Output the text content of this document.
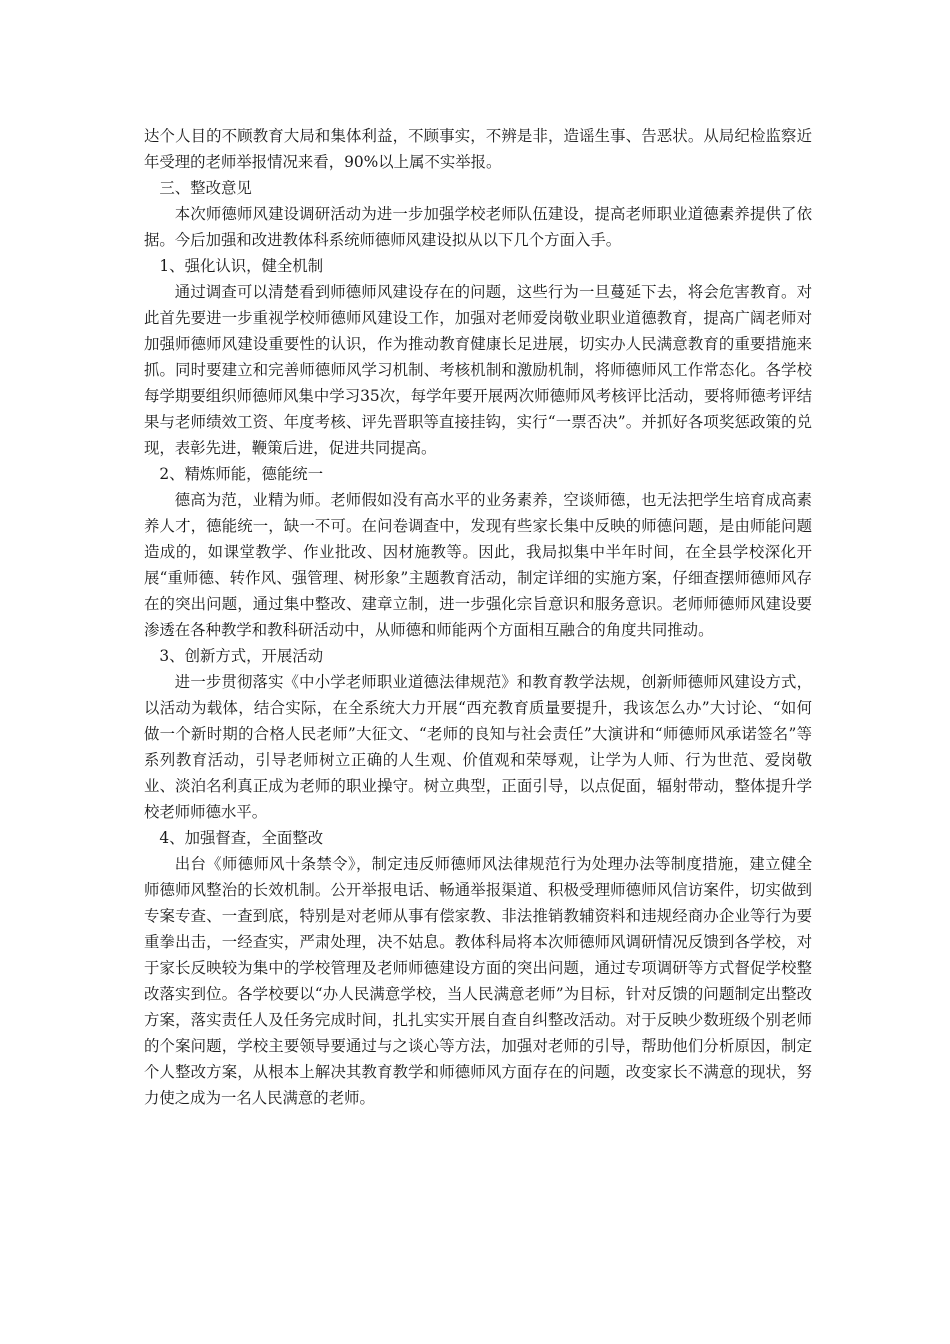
达个人目的不顾教育大局和集体利益，不顾事实，不辨是非，造谣生事、告恶状。从局纪检监察近年受理的老师举报情况来看，90%以上属不实举报。

三、整改意见

本次师德师风建设调研活动为进一步加强学校老师队伍建设，提高老师职业道德素养提供了依据。今后加强和改进教体科系统师德师风建设拟从以下几个方面入手。

1、强化认识，健全机制

通过调查可以清楚看到师德师风建设存在的问题，这些行为一旦蔓延下去，将会危害教育。对此首先要进一步重视学校师德师风建设工作，加强对老师爱岗敬业职业道德教育，提高广阔老师对加强师德师风建设重要性的认识，作为推动教育健康长足进展，切实办人民满意教育的重要措施来抓。同时要建立和完善师德师风学习机制、考核机制和激励机制，将师德师风工作常态化。各学校每学期要组织师德师风集中学习35次，每学年要开展两次师德师风考核评比活动，要将师德考评结果与老师绩效工资、年度考核、评先晋职等直接挂钩，实行“一票否决”。并抓好各项奖惩政策的兑现，表彰先进，鞭策后进，促进共同提高。

2、精炼师能，德能统一

德高为范，业精为师。老师假如没有高水平的业务素养，空谈师德，也无法把学生培育成高素养人才，德能统一，缺一不可。在问卷调查中，发现有些家长集中反映的师德问题，是由师能问题造成的，如课堂教学、作业批改、因材施教等。因此，我局拟集中半年时间，在全县学校深化开展“重师德、转作风、强管理、树形象”主题教育活动，制定详细的实施方案，仔细查摆师德师风存在的突出问题，通过集中整改、建章立制，进一步强化宗旨意识和服务意识。老师师德师风建设要渗透在各种教学和教科研活动中，从师德和师能两个方面相互融合的角度共同推动。

3、创新方式，开展活动

进一步贯彻落实《中小学老师职业道德法律规范》和教育教学法规，创新师德师风建设方式，以活动为载体，结合实际，在全系统大力开展“西充教育质量要提升，我该怎么办”大讨论、“如何做一个新时期的合格人民老师”大征文、“老师的良知与社会责任”大演讲和“师德师风承诺签名”等系列教育活动，引导老师树立正确的人生观、价值观和荣辱观，让学为人师、行为世范、爱岗敬业、淡泊名利真正成为老师的职业操守。树立典型，正面引导，以点促面，辐射带动，整体提升学校老师师德水平。

4、加强督查，全面整改

出台《师德师风十条禁令》，制定违反师德师风法律规范行为处理办法等制度措施，建立健全师德师风整治的长效机制。公开举报电话、畅通举报渠道、积极受理师德师风信访案件，切实做到专案专查、一查到底，特别是对老师从事有偿家教、非法推销教辅资料和违规经商办企业等行为要重拳出击，一经查实，严肃处理，决不姑息。教体科局将本次师德师风调研情况反馈到各学校，对于家长反映较为集中的学校管理及老师师德建设方面的突出问题，通过专项调研等方式督促学校整改落实到位。各学校要以“办人民满意学校，当人民满意老师”为目标，针对反馈的问题制定出整改方案，落实责任人及任务完成时间，扎扎实实开展自查自纠整改活动。对于反映少数班级个别老师的个案问题，学校主要领导要通过与之谈心等方法，加强对老师的引导，帮助他们分析原因，制定个人整改方案，从根本上解决其教育教学和师德师风方面存在的问题，改变家长不满意的现状，努力使之成为一名人民满意的老师。
